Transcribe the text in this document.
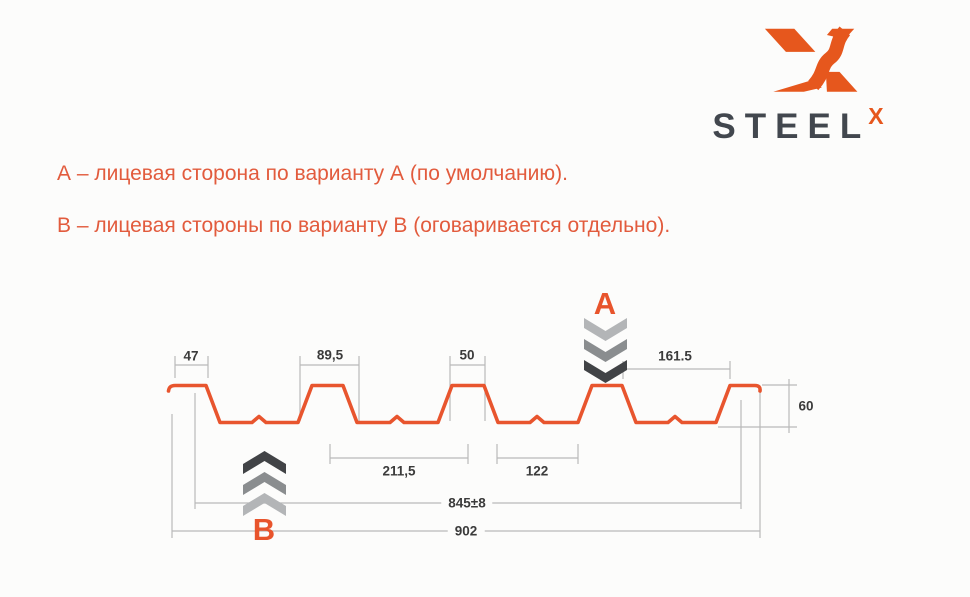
$STEEL^X$

А – лицевая сторона по варианту А (по умолчанию).

В – лицевая стороны по варианту В (оговаривается отдельно).

47	89,5	50	161.5
60
211,5	122
845±8
902
A
B
